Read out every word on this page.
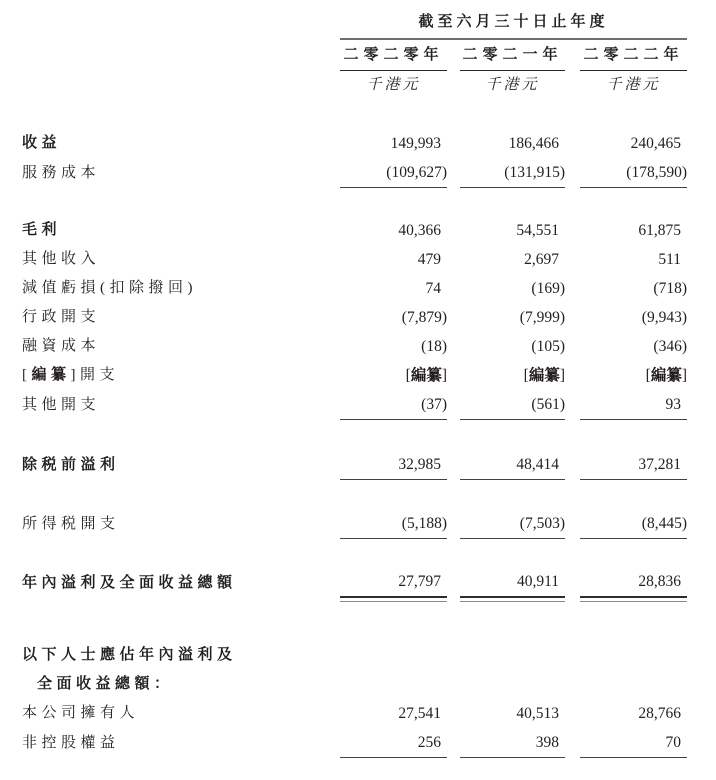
截至六月三十日止年度
二零二零年 二零二一年 二零二二年
千港元	千港元	千港元
收益	149,993	186,466	240,465
服務成本	(109,627)	(131,915)	(178,590)
毛利	40,366	54,551	61,875
其他收入	479	2,697	511
減值虧損(扣除撥回)	74	(169)	(718)
行政開支	(7,879)	(7,999)	(9,943)
融資成本	(18)	(105)	(346)
[編纂]開支	[編纂]	[編纂]	[編纂]
其他開支	(37)	(561)	93
除税前溢利	32,985	48,414	37,281
所得税開支	(5,188)	(7,503)	(8,445)
年內溢利及全面收益總額	27,797	40,911	28,836
以下人士應佔年內溢利及
全面收益總額：
本公司擁有人	27,541	40,513	28,766
非控股權益	256	398	70
